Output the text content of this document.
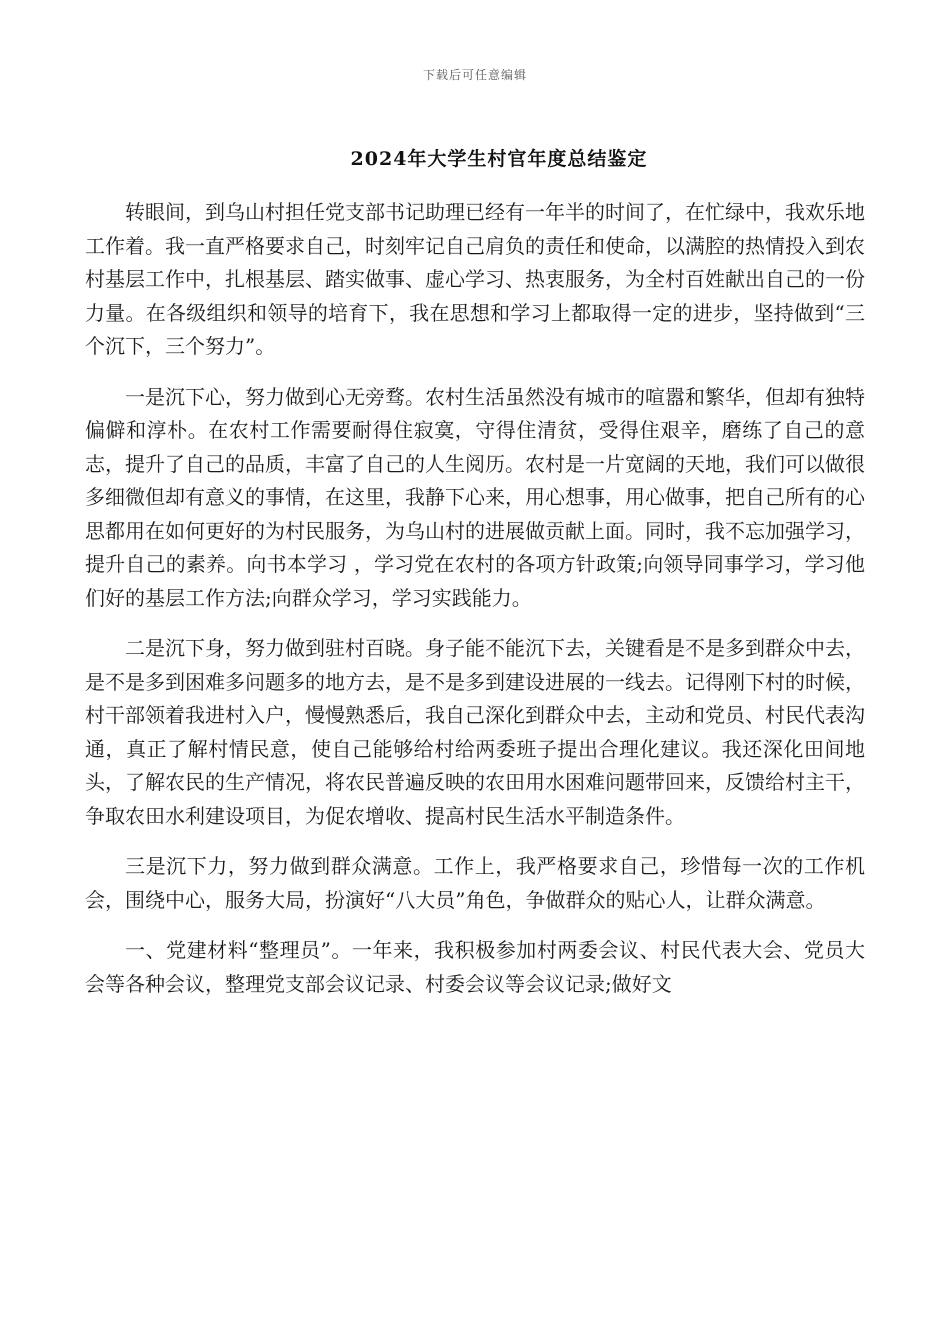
下载后可任意编辑
2024年大学生村官年度总结鉴定

转眼间，到乌山村担任党支部书记助理已经有一年半的时间了，在忙绿中，我欢乐地工作着。我一直严格要求自己，时刻牢记自己肩负的责任和使命，以满腔的热情投入到农村基层工作中，扎根基层、踏实做事、虚心学习、热衷服务，为全村百姓献出自己的一份力量。在各级组织和领导的培育下，我在思想和学习上都取得一定的进步，坚持做到“三个沉下，三个努力”。

一是沉下心，努力做到心无旁骛。农村生活虽然没有城市的喧嚣和繁华，但却有独特偏僻和淳朴。在农村工作需要耐得住寂寞，守得住清贫，受得住艰辛，磨练了自己的意志，提升了自己的品质，丰富了自己的人生阅历。农村是一片宽阔的天地，我们可以做很多细微但却有意义的事情，在这里，我静下心来，用心想事，用心做事，把自己所有的心思都用在如何更好的为村民服务，为乌山村的进展做贡献上面。同时，我不忘加强学习，提升自己的素养。向书本学习 ，学习党在农村的各项方针政策;向领导同事学习，学习他们好的基层工作方法;向群众学习，学习实践能力。

二是沉下身，努力做到驻村百晓。身子能不能沉下去，关键看是不是多到群众中去，是不是多到困难多问题多的地方去，是不是多到建设进展的一线去。记得刚下村的时候，村干部领着我进村入户，慢慢熟悉后，我自己深化到群众中去，主动和党员、村民代表沟通，真正了解村情民意，使自己能够给村给两委班子提出合理化建议。我还深化田间地头，了解农民的生产情况，将农民普遍反映的农田用水困难问题带回来，反馈给村主干，争取农田水利建设项目，为促农增收、提高村民生活水平制造条件。

三是沉下力，努力做到群众满意。工作上，我严格要求自己，珍惜每一次的工作机会，围绕中心，服务大局，扮演好“八大员”角色，争做群众的贴心人，让群众满意。

一、党建材料“整理员”。一年来，我积极参加村两委会议、村民代表大会、党员大会等各种会议，整理党支部会议记录、村委会议等会议记录;做好文
